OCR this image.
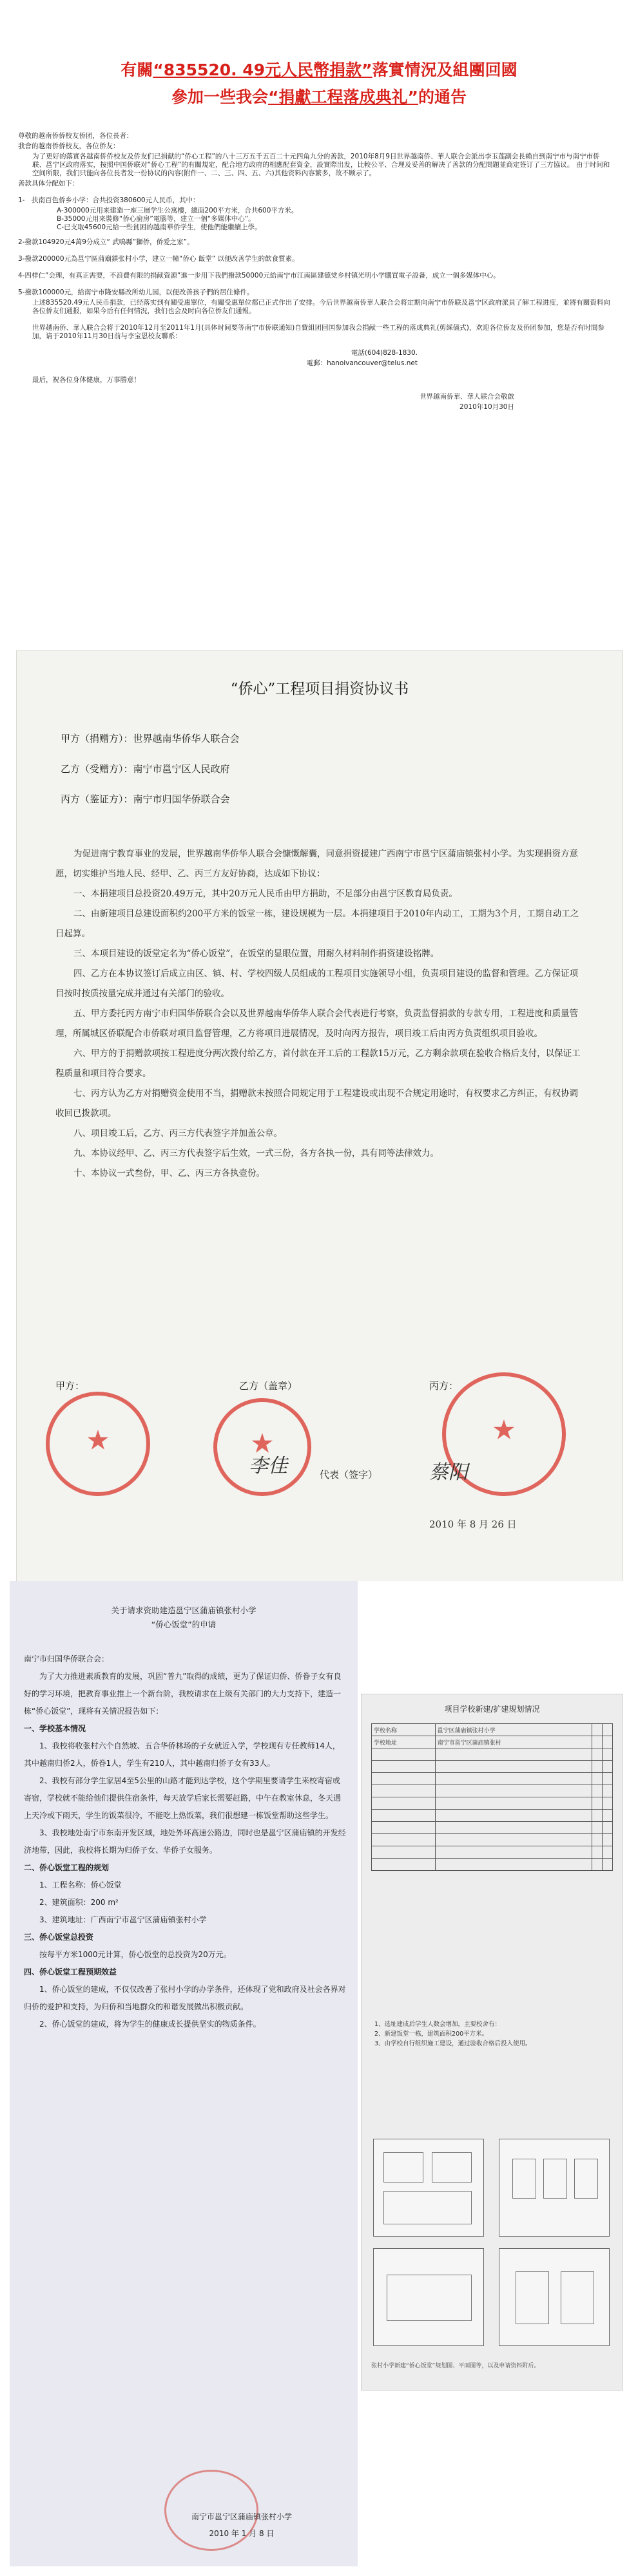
有關“835520. 49元人民幣捐款”落實情況及組團回國
參加一些我会“捐獻工程落成典礼”的通告

尊敬的越南侨侨校友侨团，各位長者：

我會的越南侨侨校友，各位侨友：

为了更好的落實各越南侨侨校友及侨友们已捐献的“侨心工程”的八十三万五千五百二十元四角九分的善款，2010年8月9日世界越南侨、華人联合会派出李玉莲副会長赖自到南宁市与南宁市侨联、邕宁区政府落实，按照中国侨联对“侨心工程”的有關規定，配合地方政府的相應配套資金，設實際出发，比較公平、合理及妥善的解决了善款的分配問題並商定签订了三方協议。 由于时间和空间所限，我们只能向各位長者发一份协议的內容(附件一、二、三、四、五、六)其他资料內容繁多，故不顾示了。

善款具体分配如下：

1-　扶南百色侨乡小学：合共投资380600元人民币，其中：

A-300000元用来建造一座三層学生公寓樓，總面200平方米，合共600平方米。

B-35000元用来裝修“侨心廚房”電腦等，建立一個“多媒体中心”。

C-已支取45600元給一些貧困的越南華侨学生，使他們能繼續上學。

2-撥款104920元4萬9分成立“ 武鳴縣”獅侨，侨爱之家”。

3-撥款200000元為邕宁區蒲廟鎮张村小学，建立一幢“侨心 飯堂” 以便改善学生的飲食質素。

4-四样仁”会理，有真正需要，不浪費有限的捐献資源”進一步用下我們撥款50000元給南宁市江南區建德党乡村镇光明小学購買電子設备，成立一個多媒体中心。

5-撥款100000元，給南宁市隆安縣改所幼儿园，以便改善孩子們的居住條件。

上述835520.49元人民币捐款，已经落实到有關受惠單位，有關受惠單位都已正式作出了安排。今后世界越南侨華人联合会将定期向南宁市侨联及邕宁区政府派員了解工程进度，並將有關資料向各位侨友们通报，如果今后有任何情況，我们也会及时向各位侨友们通報。

世界越南侨、華人联合会将于2010年12月至2011年1月(具体时间要等南宁市侨联通知)自費組团回国参加我会捐献一些工程的落成典礼(剪綵儀式)，欢迎各位侨友及侨团参加，您是否有时間参加，请于2010年11月30日前与李宝恩校友聯系：

電話(604)828-1830.

電郵：hanoivancouver@telus.net

最后，祝各位身体健康，万事勝意！

世界越南侨華、華人联合会敬啟

2010年10月30日

“侨心”工程项目捐资协议书
甲方（捐赠方）：世界越南华侨华人联合会
乙方（受赠方）：南宁市邕宁区人民政府
丙方（鉴证方）：南宁市归国华侨联合会

为促进南宁教育事业的发展，世界越南华侨华人联合会慷慨解囊，同意捐资援建广西南宁市邕宁区蒲庙镇张村小学。为实现捐资方意愿，切实维护当地人民、经甲、乙、丙三方友好协商，达成如下协议：

一、本捐建项目总投资20.49万元，其中20万元人民币由甲方捐助，不足部分由邕宁区教育局负责。

二、由新建项目总建设面积约200平方米的饭堂一栋，建设规模为一层。本捐建项目于2010年内动工，工期为3个月，工期自动工之日起算。

三、本项目建设的饭堂定名为“侨心饭堂”，在饭堂的显眼位置，用耐久材料制作捐资建设铭牌。

四、乙方在本协议签订后成立由区、镇、村、学校四级人员组成的工程项目实施领导小组，负责项目建设的监督和管理。乙方保证项目按时按质按量完成并通过有关部门的验收。

五、甲方委托丙方南宁市归国华侨联合会以及世界越南华侨华人联合会代表进行考察，负责监督捐款的专款专用，工程进度和质量管理，所属城区侨联配合市侨联对项目监督管理，乙方将项目进展情况，及时向丙方报告，项目竣工后由丙方负责组织项目验收。

六、甲方的于捐赠款项按工程进度分两次拨付给乙方，首付款在开工后的工程款15万元，乙方剩余款项在验收合格后支付，以保证工程质量和项目符合要求。

七、丙方认为乙方对捐赠资金使用不当，捐赠款未按照合同规定用于工程建设或出现不合规定用途时，有权要求乙方纠正，有权协调收回已拨款项。

八、项目竣工后，乙方、丙三方代表签字并加盖公章。

九、本协议经甲、乙、丙三方代表签字后生效，一式三份，各方各执一份，具有同等法律效力。

十、本协议一式叁份，甲、乙、丙三方各执壹份。

甲方：	乙方（盖章）	丙方：
代表（签字）
★	★	★
李佳	蔡阳
2010 年 8 月 26 日
关于请求资助建造邕宁区蒲庙镇张村小学
“侨心饭堂”的申请

南宁市归国华侨联合会：

为了大力推进素质教育的发展，巩固“普九”取得的成绩，更为了保证归侨、侨眷子女有良好的学习环境，把教育事业推上一个新台阶，我校请求在上级有关部门的大力支持下，建造一栋“侨心饭堂”，现将有关情况报告如下：

一、学校基本情况

1、我校将收张村六个自然坡、五合华侨林场的子女就近入学，学校现有专任教师14人，其中越南归侨2人，侨眷1人，学生有210人，其中越南归侨子女有33人。

2、我校有部分学生家居4至5公里的山路才能到达学校，这个学期里要请学生来校寄宿或寄宿，学校就不能给他们提供住宿条件，每天放学后家长需要赶路，中午在教室休息，冬天遇上天冷或下雨天，学生的饭菜很冷，不能吃上热饭菜，我们很想建一栋饭堂帮助这些学生。

3、我校地处南宁市东南开发区域，地处外环高速公路边，同时也是邕宁区蒲庙镇的开发经济地带，因此，我校将长期为归侨子女、华侨子女服务。

二、侨心饭堂工程的规划

1、工程名称：侨心饭堂

2、建筑面积：200 m²

3、建筑地址：广西南宁市邕宁区蒲庙镇张村小学

三、侨心饭堂总投资

按每平方米1000元计算，侨心饭堂的总投资为20万元。

四、侨心饭堂工程预期效益

1、侨心饭堂的建成，不仅仅改善了张村小学的办学条件，还体现了党和政府及社会各界对归侨的爱护和支持，为归侨和当地群众的和谐发展做出积极贡献。

2、侨心饭堂的建成，将为学生的健康成长提供坚实的物质条件。

南宁市邕宁区蒲庙镇张村小学
2010 年 1 月 8 日
项目学校新建/扩建规划情况
学校名称	邕宁区蒲庙镇张村小学		
学校地址	南宁市邕宁区蒲庙镇张村		

1、选址建成后学生人数会增加，主要校舍有：
2、新建饭堂一栋，建筑面积200平方米。
3、由学校自行组织施工建设，通过验收合格后投入使用。
张村小学新建“侨心饭堂”规划图、平面图等，以及申请资料附后。
